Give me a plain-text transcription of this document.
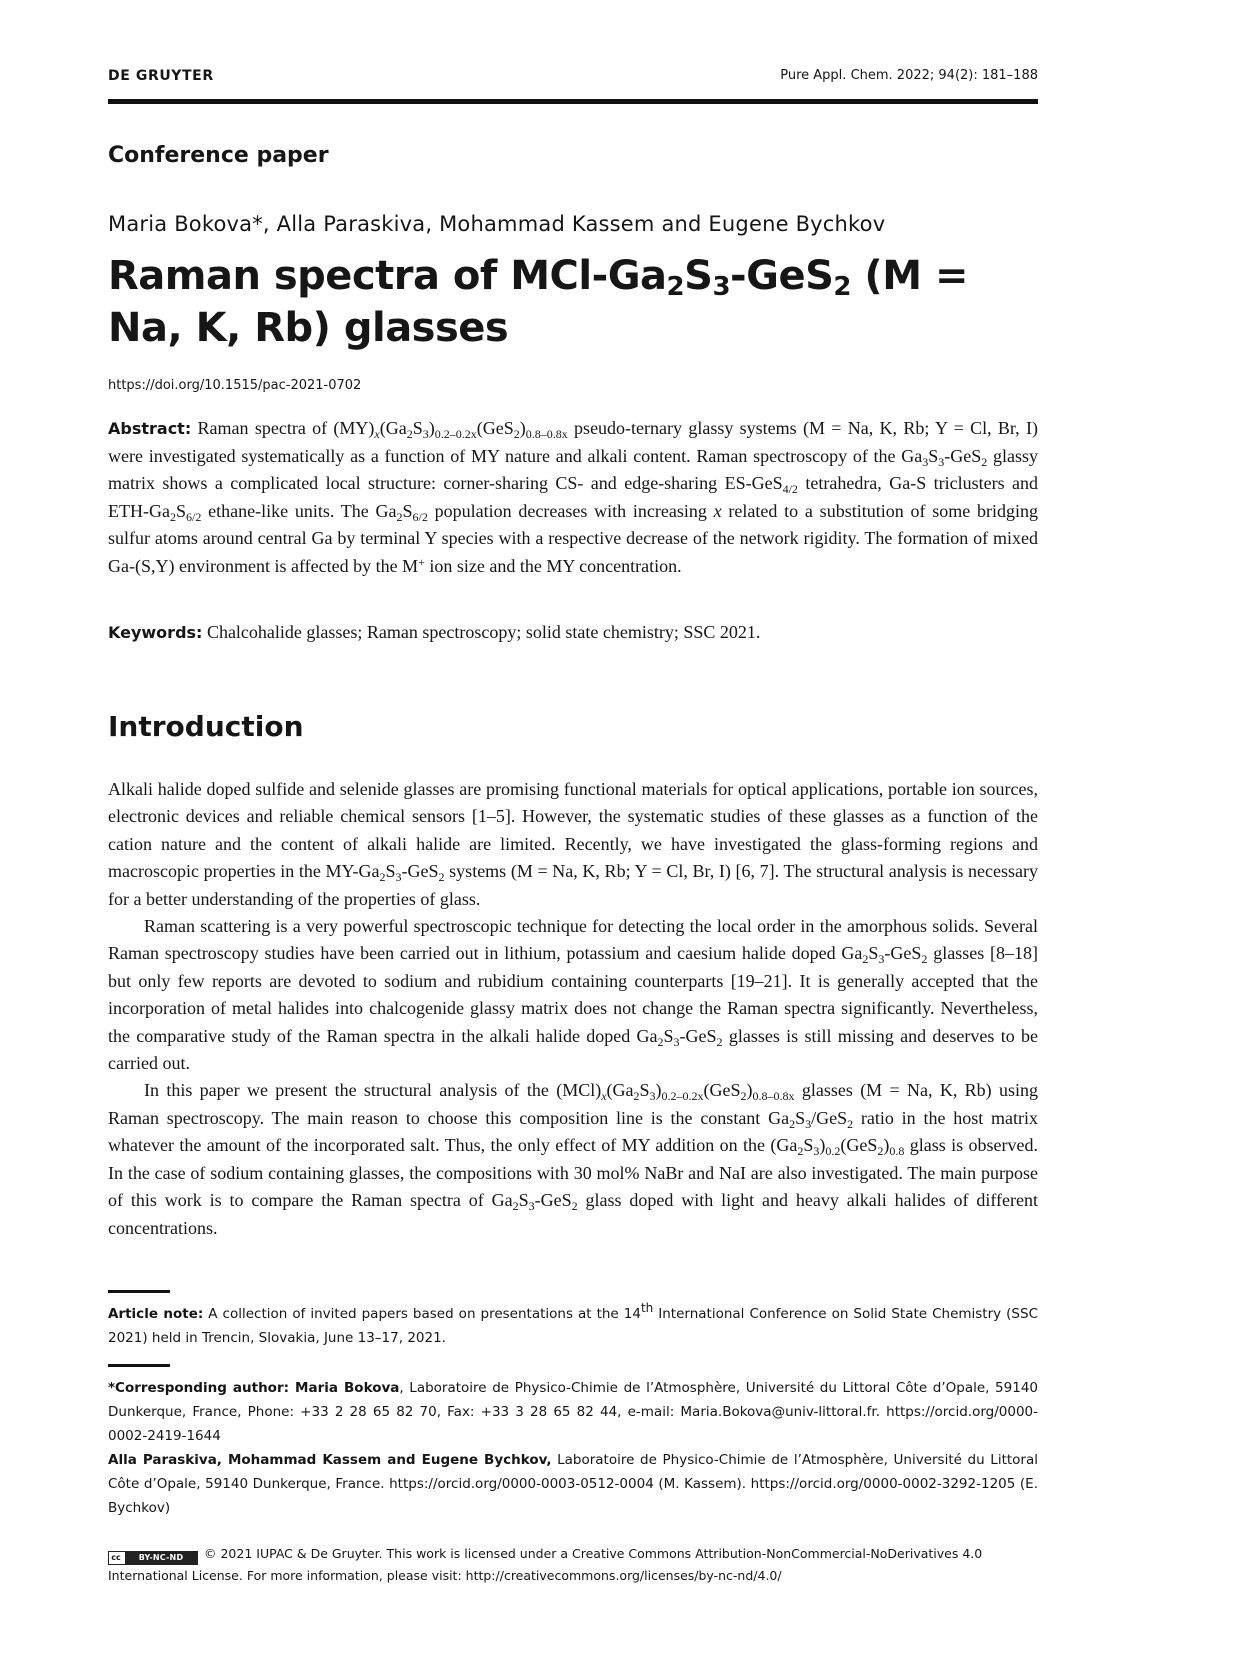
DE GRUYTER	Pure Appl. Chem. 2022; 94(2): 181–188
Conference paper
Maria Bokova*, Alla Paraskiva, Mohammad Kassem and Eugene Bychkov
Raman spectra of MCl-$Ga_2S_3-GeS_2$ (M = Na, K, Rb) glasses
https://doi.org/10.1515/pac-2021-0702
Abstract: Raman spectra of $(MY)_x(Ga_2S_3)_{0.2-0.2x}(GeS_2)_{0.8-0.8x}$ pseudo-ternary glassy systems (M = Na, K, Rb; Y = Cl, Br, I) were investigated systematically as a function of MY nature and alkali content. Raman spectroscopy of the $Ga_3S_3-GeS_2$ glassy matrix shows a complicated local structure: corner-sharing CS- and edge-sharing ES-GeS$_{4/2}$ tetrahedra, Ga-S triclusters and ETH-$Ga_2S_{6/2}$ ethane-like units. The $Ga_2S_{6/2}$ population decreases with increasing x related to a substitution of some bridging sulfur atoms around central Ga by terminal Y species with a respective decrease of the network rigidity. The formation of mixed Ga-(S,Y) environment is affected by the M+ ion size and the MY concentration.
Keywords: Chalcohalide glasses; Raman spectroscopy; solid state chemistry; SSC 2021.
Introduction

Alkali halide doped sulfide and selenide glasses are promising functional materials for optical applications, portable ion sources, electronic devices and reliable chemical sensors [1–5]. However, the systematic studies of these glasses as a function of the cation nature and the content of alkali halide are limited. Recently, we have investigated the glass-forming regions and macroscopic properties in the $MY-Ga_2S_3-GeS_2$ systems (M = Na, K, Rb; Y = Cl, Br, I) [6, 7]. The structural analysis is necessary for a better understanding of the properties of glass.

Raman scattering is a very powerful spectroscopic technique for detecting the local order in the amorphous solids. Several Raman spectroscopy studies have been carried out in lithium, potassium and caesium halide doped $Ga_2S_3-GeS_2$ glasses [8–18] but only few reports are devoted to sodium and rubidium containing counterparts [19–21]. It is generally accepted that the incorporation of metal halides into chalcogenide glassy matrix does not change the Raman spectra significantly. Nevertheless, the comparative study of the Raman spectra in the alkali halide doped $Ga_2S_3-GeS_2$ glasses is still missing and deserves to be carried out.

In this paper we present the structural analysis of the $(MCl)_x(Ga_2S_3)_{0.2-0.2x}(GeS_2)_{0.8-0.8x}$ glasses (M = Na, K, Rb) using Raman spectroscopy. The main reason to choose this composition line is the constant $Ga_2S_3/GeS_2$ ratio in the host matrix whatever the amount of the incorporated salt. Thus, the only effect of MY addition on the $(Ga_2S_3)_{0.2}(GeS_2)_{0.8}$ glass is observed. In the case of sodium containing glasses, the compositions with 30 mol% NaBr and NaI are also investigated. The main purpose of this work is to compare the Raman spectra of $Ga_2S_3-GeS_2$ glass doped with light and heavy alkali halides of different concentrations.

Article note: A collection of invited papers based on presentations at the 14th International Conference on Solid State Chemistry (SSC 2021) held in Trencin, Slovakia, June 13–17, 2021.
*Corresponding author: Maria Bokova, Laboratoire de Physico-Chimie de l’Atmosphère, Université du Littoral Côte d’Opale, 59140 Dunkerque, France, Phone: +33 2 28 65 82 70, Fax: +33 3 28 65 82 44, e-mail: Maria.Bokova@univ-littoral.fr. https://orcid.org/0000-0002-2419-1644
Alla Paraskiva, Mohammad Kassem and Eugene Bychkov, Laboratoire de Physico-Chimie de l’Atmosphère, Université du Littoral Côte d’Opale, 59140 Dunkerque, France. https://orcid.org/0000-0003-0512-0004 (M. Kassem). https://orcid.org/0000-0002-3292-1205 (E. Bychkov)
cc	BY-NC-ND	© 2021 IUPAC & De Gruyter. This work is licensed under a Creative Commons Attribution-NonCommercial-NoDerivatives 4.0 International License. For more information, please visit: http://creativecommons.org/licenses/by-nc-nd/4.0/
